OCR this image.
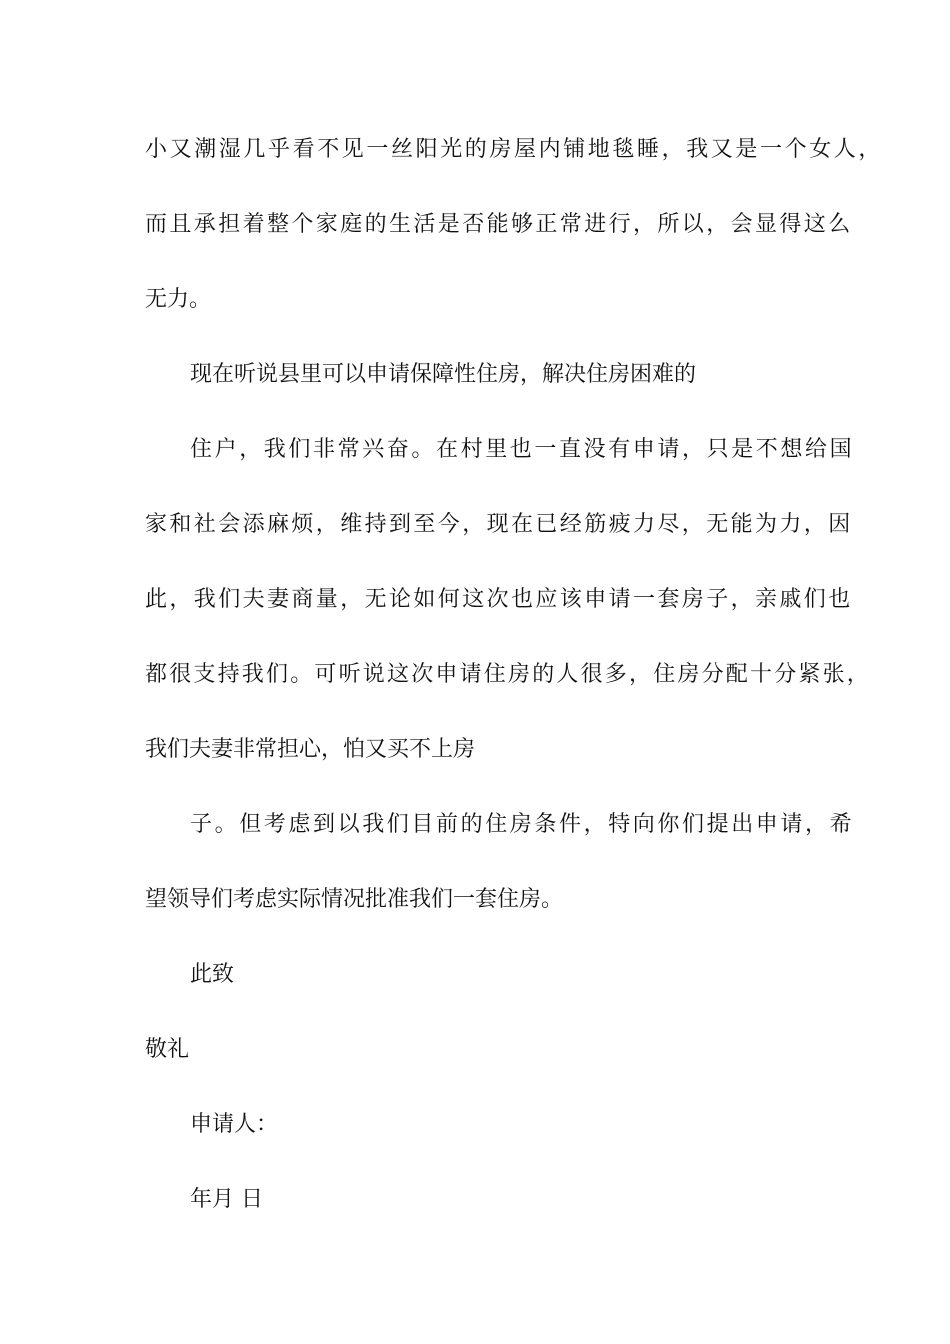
小又潮湿几乎看不见一丝阳光的房屋内铺地毯睡，我又是一个女人，
而且承担着整个家庭的生活是否能够正常进行，所以，会显得这么
无力。
现在听说县里可以申请保障性住房，解决住房困难的
住户，我们非常兴奋。在村里也一直没有申请，只是不想给国
家和社会添麻烦，维持到至今，现在已经筋疲力尽，无能为力，因
此，我们夫妻商量，无论如何这次也应该申请一套房子，亲戚们也
都很支持我们。可听说这次申请住房的人很多，住房分配十分紧张，
我们夫妻非常担心，怕又买不上房
子。但考虑到以我们目前的住房条件，特向你们提出申请，希
望领导们考虑实际情况批准我们一套住房。
此致
敬礼
申请人：
年月 日
